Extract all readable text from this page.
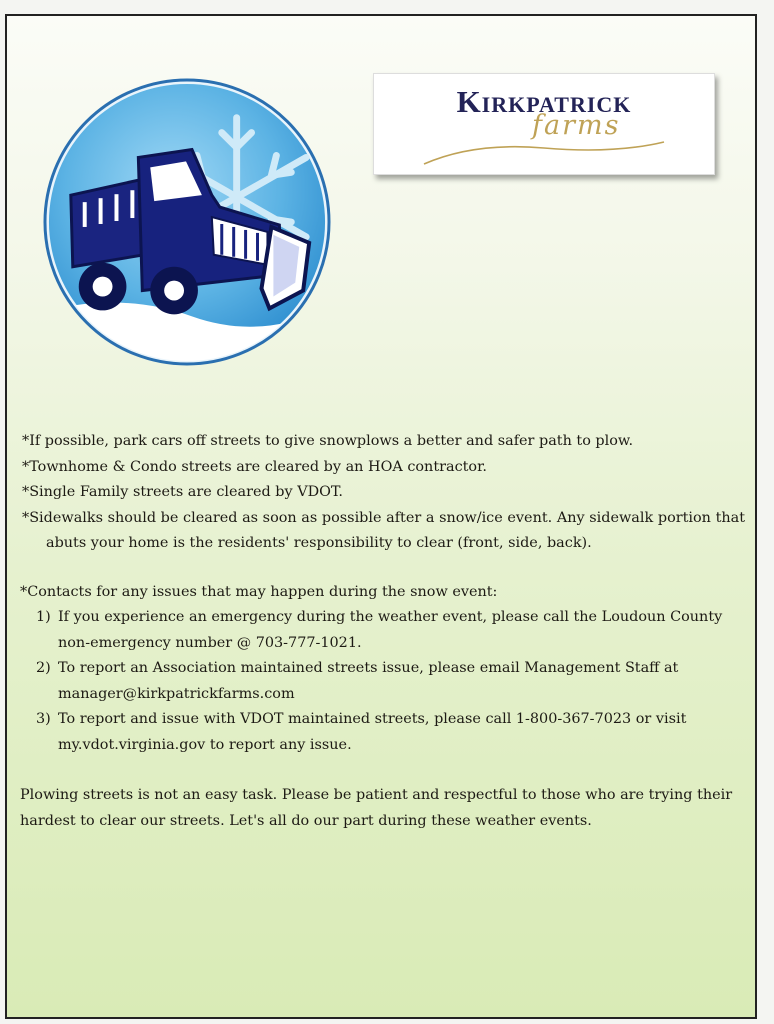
Kirkpatrick
farms

*If possible, park cars off streets to give snowplows a better and safer path to plow.

*Townhome & Condo streets are cleared by an HOA contractor.

*Single Family streets are cleared by VDOT.

*Sidewalks should be cleared as soon as possible after a snow/ice event. Any sidewalk portion that abuts your home is the residents' responsibility to clear (front, side, back).

*Contacts for any issues that may happen during the snow event:

1) If you experience an emergency during the weather event, please call the Loudoun County non-emergency number @ 703-777-1021.
2) To report an Association maintained streets issue, please email Management Staff at manager@kirkpatrickfarms.com
3) To report and issue with VDOT maintained streets, please call 1-800-367-7023 or visit my.vdot.virginia.gov to report any issue.

Plowing streets is not an easy task. Please be patient and respectful to those who are trying their hardest to clear our streets. Let's all do our part during these weather events.
